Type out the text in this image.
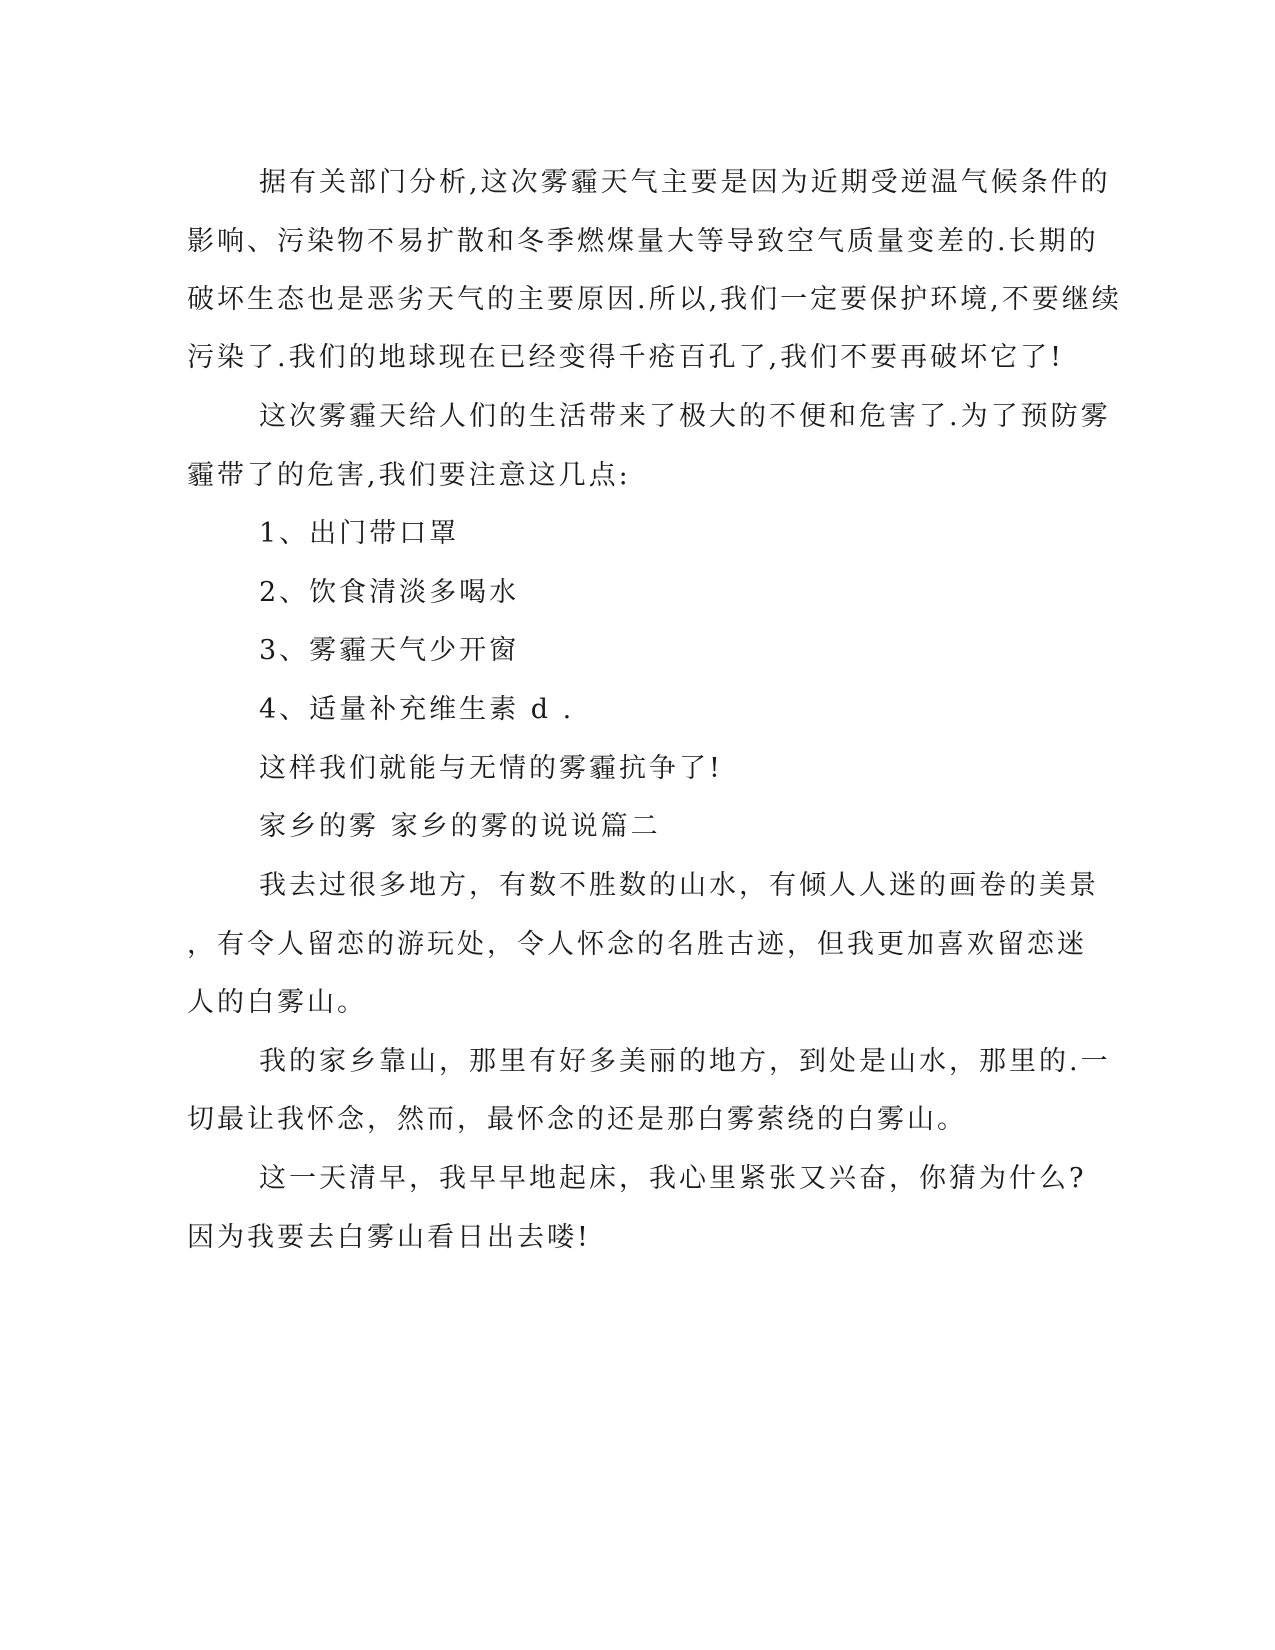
据有关部门分析,这次雾霾天气主要是因为近期受逆温气候条件的
影响、污染物不易扩散和冬季燃煤量大等导致空气质量变差的.长期的
破坏生态也是恶劣天气的主要原因.所以,我们一定要保护环境,不要继续
污染了.我们的地球现在已经变得千疮百孔了,我们不要再破坏它了!
这次雾霾天给人们的生活带来了极大的不便和危害了.为了预防雾
霾带了的危害,我们要注意这几点:
1、出门带口罩
2、饮食清淡多喝水
3、雾霾天气少开窗
4、适量补充维生素 d .
这样我们就能与无情的雾霾抗争了!
家乡的雾 家乡的雾的说说篇二
我去过很多地方，有数不胜数的山水，有倾人人迷的画卷的美景
，有令人留恋的游玩处，令人怀念的名胜古迹，但我更加喜欢留恋迷
人的白雾山。
我的家乡靠山，那里有好多美丽的地方，到处是山水，那里的.一
切最让我怀念，然而，最怀念的还是那白雾萦绕的白雾山。
这一天清早，我早早地起床，我心里紧张又兴奋，你猜为什么?
因为我要去白雾山看日出去喽!
